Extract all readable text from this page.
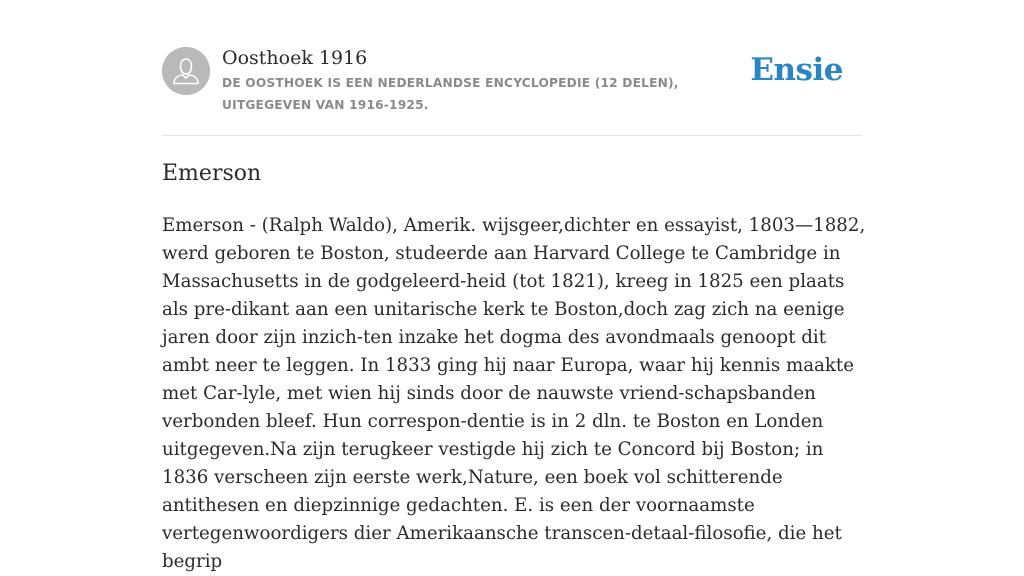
Oosthoek 1916
DE OOSTHOEK IS EEN NEDERLANDSE ENCYCLOPEDIE (12 DELEN), UITGEGEVEN VAN 1916-1925.
Ensie
Emerson

Emerson - (Ralph Waldo), Amerik. wijsgeer,dichter en essayist, 1803—1882, werd geboren te Boston, studeerde aan Harvard College te Cambridge in Massachusetts in de godgeleerd-heid (tot 1821), kreeg in 1825 een plaats als pre-dikant aan een unitarische kerk te Boston,doch zag zich na eenige jaren door zijn inzich-ten inzake het dogma des avondmaals genoopt dit ambt neer te leggen. In 1833 ging hij naar Europa, waar hij kennis maakte met Car-lyle, met wien hij sinds door de nauwste vriend-schapsbanden verbonden bleef. Hun correspon-dentie is in 2 dln. te Boston en Londen uitgegeven.Na zijn terugkeer vestigde hij zich te Concord bij Boston; in 1836 verscheen zijn eerste werk,Nature, een boek vol schitterende antithesen en diepzinnige gedachten. E. is een der voornaamste vertegenwoordigers dier Amerikaansche transcen-detaal-filosofie, die het begrip
